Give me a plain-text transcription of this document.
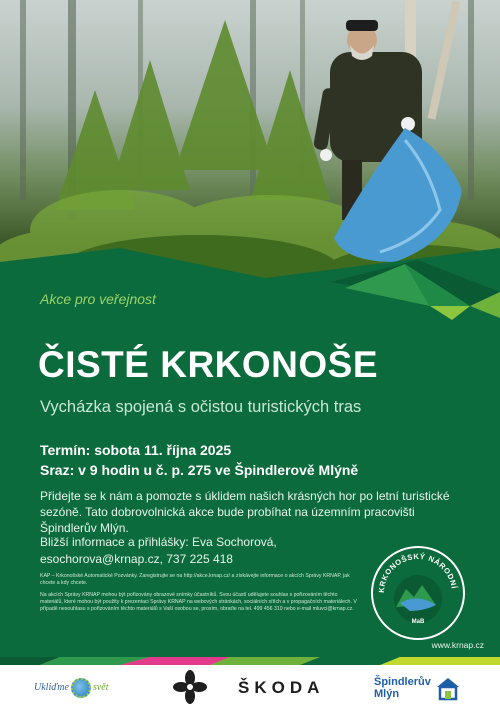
Akce pro veřejnost
ČISTÉ KRKONOŠE
Vycházka spojená s očistou turistických tras
Termín: sobota 11. října 2025
Sraz: v 9 hodin u č. p. 275 ve Špindlerově Mlýně
Přidejte se k nám a pomozte s úklidem našich krásných hor po letní turistické sezóně. Tato dobrovolnická akce bude probíhat na územním pracovišti Špindlerův Mlýn.
Bližší informace a přihlášky: Eva Sochorová,
esochorova@krnap.cz, 737 225 418
KAP – Krkonošské Automatické Pozvánky. Zaregistrujte se na http://akce.krnap.cz/ a získávejte informace o akcích Správy KRNAP, jak chcete a kdy chcete.
Na akcích Správy KRNAP mohou být pořizovány obrazové snímky účastníků. Svou účastí udělujete souhlas s pořizováním těchto materiálů, které mohou být použity k prezentaci Správy KRNAP na webových stránkách, sociálních sítích a v propagačních materiálech. V případě nesouhlasu s pořizováním těchto materiálů s Vaší osobou se, prosím, obraťte na tel. 499 456 310 nebo e-mail mluvci@krnap.cz.
KRKONOŠSKÝ NÁRODNÍ
MaB
www.krnap.cz
Ukliďme svět	ŠKODA	Špindlerův
Mlýn
